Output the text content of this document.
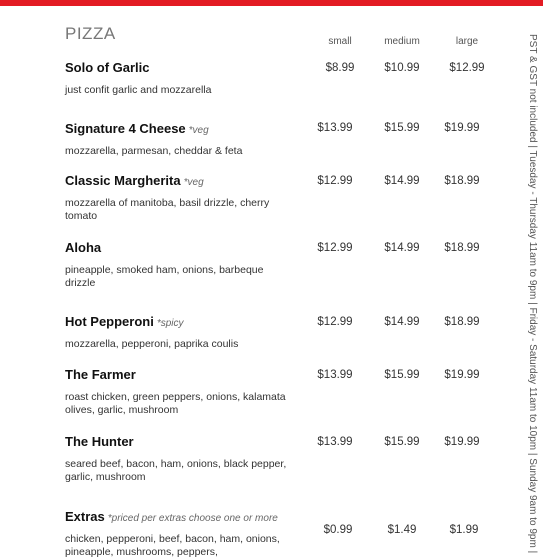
PIZZA	small	medium	large
Solo of Garlic
just confit garlic and mozzarella
$8.99	$10.99	$12.99
Signature 4 Cheese *veg
mozzarella, parmesan, cheddar & feta
$13.99	$15.99	$19.99
Classic Margherita *veg
mozzarella of manitoba, basil drizzle, cherry tomato
$12.99	$14.99	$18.99
Aloha
pineapple, smoked ham, onions, barbeque drizzle
$12.99	$14.99	$18.99
Hot Pepperoni *spicy
mozzarella, pepperoni, paprika coulis
$12.99	$14.99	$18.99
The Farmer
roast chicken, green peppers, onions, kalamata olives, garlic, mushroom
$13.99	$15.99	$19.99
The Hunter
seared beef, bacon, ham, onions, black pepper, garlic, mushroom
$13.99	$15.99	$19.99
Extras *priced per extras choose one or more
chicken, pepperoni, beef, bacon, ham, onions, pineapple, mushrooms, peppers,
$0.99	$1.49	$1.99	PST & GST not included | Tuesday - Thursday 11am to 9pm | Friday - Saturday 11am to 10pm | Sunday 9am to 9pm |
